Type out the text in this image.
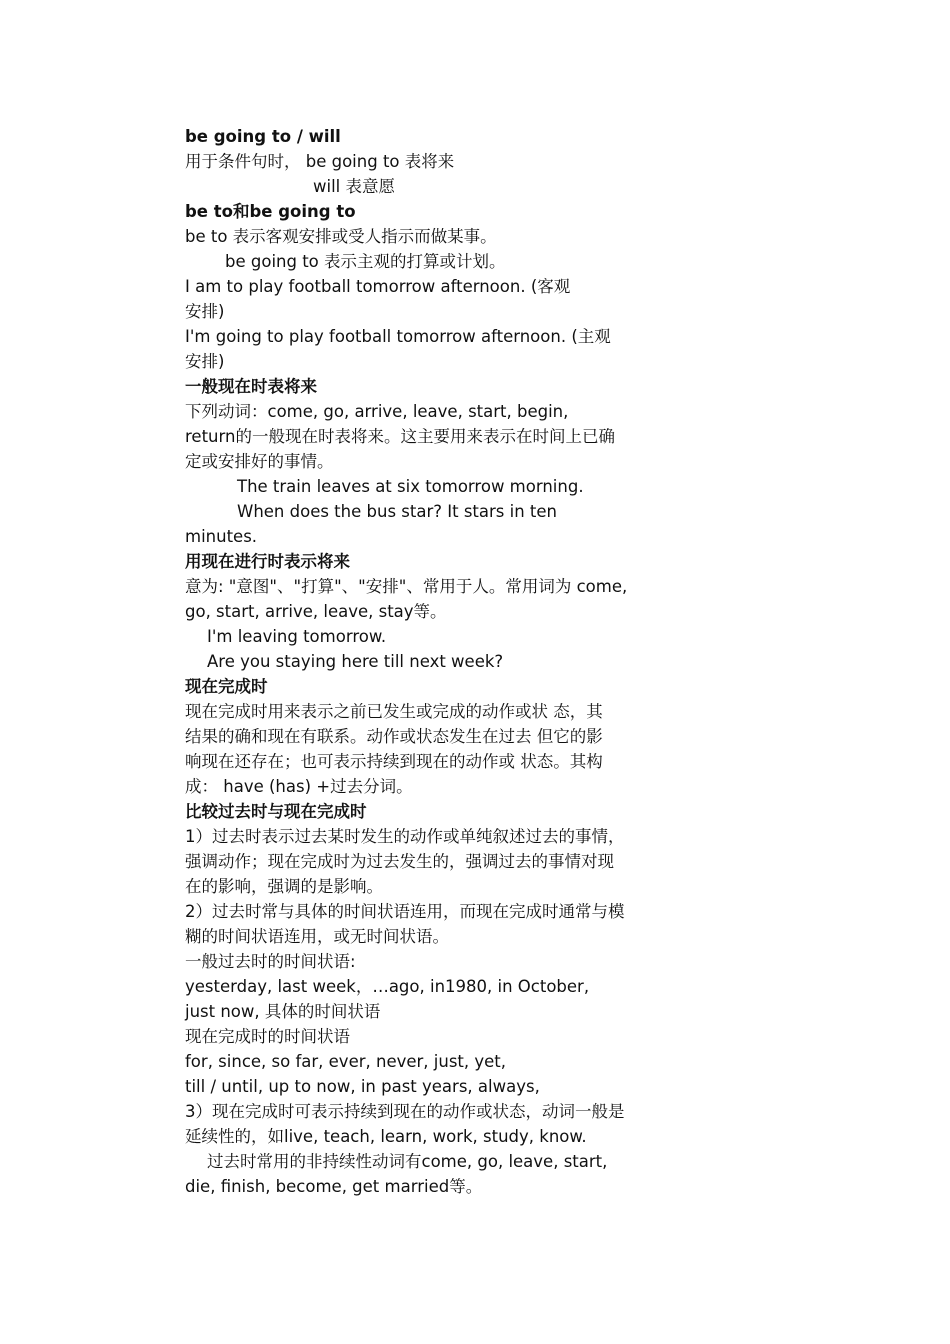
be going to / will
用于条件句时， be going to 表将来
will 表意愿
be to和be going to
be to 表示客观安排或受人指示而做某事。
be going to 表示主观的打算或计划。
I am to play football tomorrow afternoon. (客观
安排)
I'm going to play football tomorrow afternoon. (主观
安排)
一般现在时表将来
下列动词：come, go, arrive, leave, start, begin,
return的一般现在时表将来。这主要用来表示在时间上已确
定或安排好的事情。
The train leaves at six tomorrow morning.
When does the bus star? It stars in ten
minutes.
用现在进行时表示将来
意为: "意图"、"打算"、"安排"、常用于人。常用词为 come,
go, start, arrive, leave, stay等。
I'm leaving tomorrow.
Are you staying here till next week?
现在完成时
现在完成时用来表示之前已发生或完成的动作或状 态，其
结果的确和现在有联系。动作或状态发生在过去 但它的影
响现在还存在；也可表示持续到现在的动作或 状态。其构
成： have (has) +过去分词。
比较过去时与现在完成时
1）过去时表示过去某时发生的动作或单纯叙述过去的事情，
强调动作；现在完成时为过去发生的，强调过去的事情对现
在的影响，强调的是影响。
2）过去时常与具体的时间状语连用，而现在完成时通常与模
糊的时间状语连用，或无时间状语。
一般过去时的时间状语:
yesterday, last week，…ago, in1980, in October,
just now, 具体的时间状语
现在完成时的时间状语
for, since, so far, ever, never, just, yet,
till / until, up to now, in past years, always,
3）现在完成时可表示持续到现在的动作或状态，动词一般是
延续性的，如live, teach, learn, work, study, know.
过去时常用的非持续性动词有come, go, leave, start,
die, finish, become, get married等。
